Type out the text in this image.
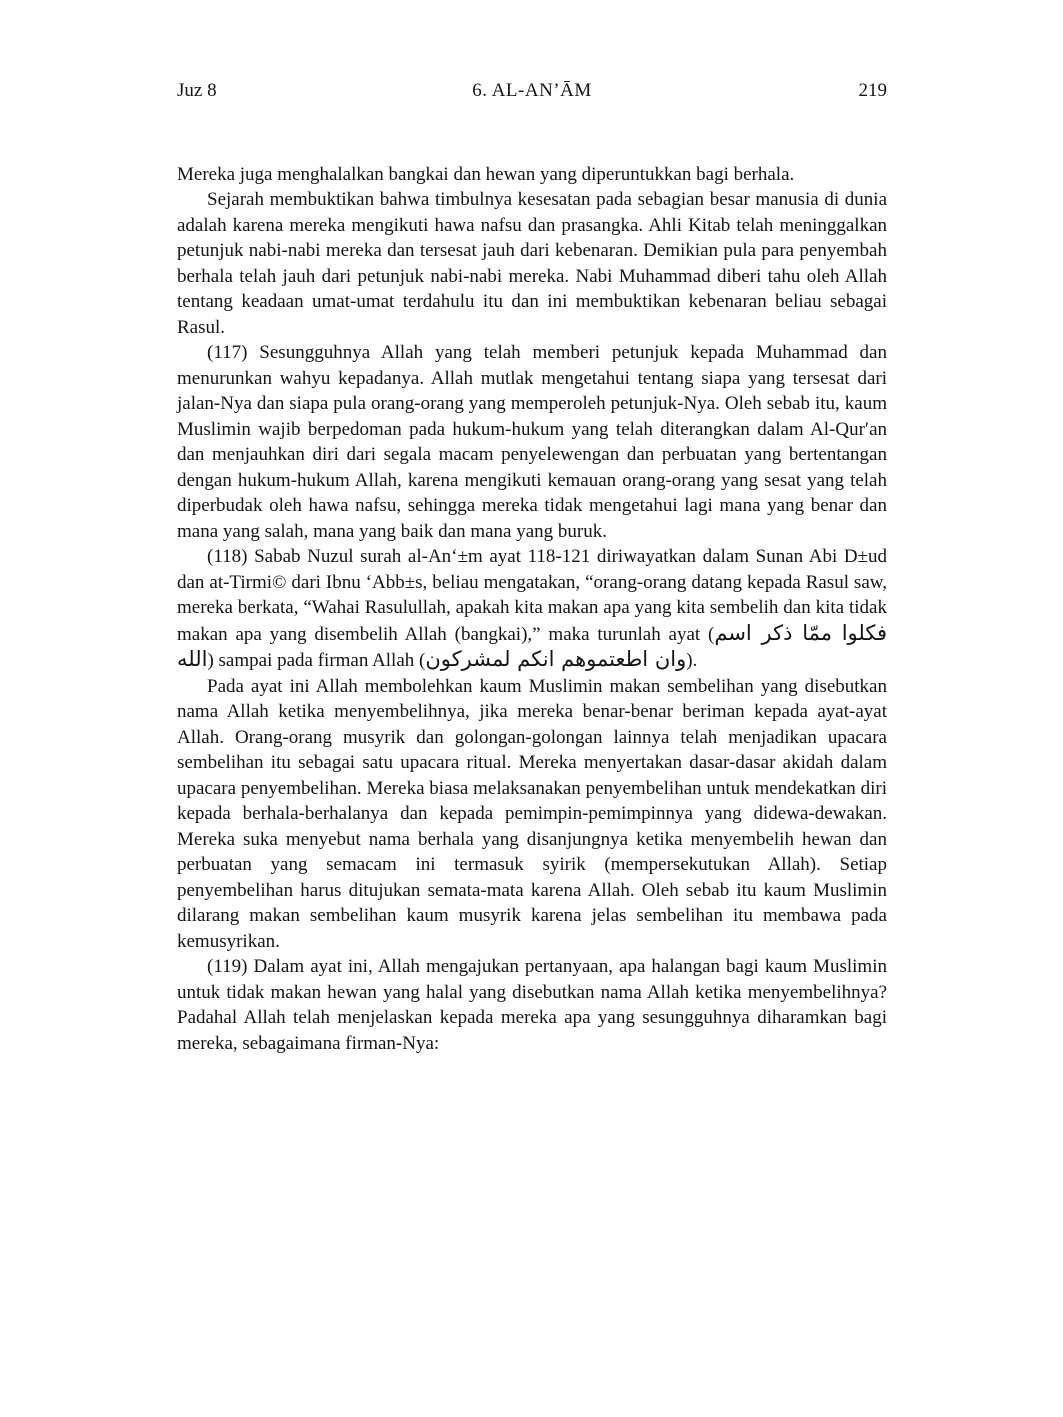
Juz 8	6. AL-AN’ĀM	219

Mereka juga menghalalkan bangkai dan hewan yang diperuntukkan bagi berhala.

Sejarah membuktikan bahwa timbulnya kesesatan pada sebagian besar manusia di dunia adalah karena mereka mengikuti hawa nafsu dan prasangka. Ahli Kitab telah meninggalkan petunjuk nabi-nabi mereka dan tersesat jauh dari kebenaran. Demikian pula para penyembah berhala telah jauh dari petunjuk nabi-nabi mereka. Nabi Muhammad diberi tahu oleh Allah tentang keadaan umat-umat terdahulu itu dan ini membuktikan kebenaran beliau sebagai Rasul.

(117) Sesungguhnya Allah yang telah memberi petunjuk kepada Muhammad dan menurunkan wahyu kepadanya. Allah mutlak mengetahui tentang siapa yang tersesat dari jalan-Nya dan siapa pula orang-orang yang memperoleh petunjuk-Nya. Oleh sebab itu, kaum Muslimin wajib berpedoman pada hukum-hukum yang telah diterangkan dalam Al-Qur′an dan menjauhkan diri dari segala macam penyelewengan dan perbuatan yang bertentangan dengan hukum-hukum Allah, karena mengikuti kemauan orang-orang yang sesat yang telah diperbudak oleh hawa nafsu, sehingga mereka tidak mengetahui lagi mana yang benar dan mana yang salah, mana yang baik dan mana yang buruk.

(118) Sabab Nuzul surah al-An‘±m ayat 118-121 diriwayatkan dalam Sunan Abi D±ud dan at-Tirmi© dari Ibnu ‘Abb±s, beliau mengatakan, “orang-orang datang kepada Rasul saw, mereka berkata, “Wahai Rasulullah, apakah kita makan apa yang kita sembelih dan kita tidak makan apa yang disembelih Allah (bangkai),” maka turunlah ayat (فكلوا ممّا ذكر اسم الله) sampai pada firman Allah (وان اطعتموهم انكم لمشركون).

Pada ayat ini Allah membolehkan kaum Muslimin makan sembelihan yang disebutkan nama Allah ketika menyembelihnya, jika mereka benar-benar beriman kepada ayat-ayat Allah. Orang-orang musyrik dan golongan-golongan lainnya telah menjadikan upacara sembelihan itu sebagai satu upacara ritual. Mereka menyertakan dasar-dasar akidah dalam upacara penyembelihan. Mereka biasa melaksanakan penyembelihan untuk mendekatkan diri kepada berhala-berhalanya dan kepada pemimpin-pemimpinnya yang didewa-dewakan. Mereka suka menyebut nama berhala yang disanjungnya ketika menyembelih hewan dan perbuatan yang semacam ini termasuk syirik (mempersekutukan Allah). Setiap penyembelihan harus ditujukan semata-mata karena Allah. Oleh sebab itu kaum Muslimin dilarang makan sembelihan kaum musyrik karena jelas sembelihan itu membawa pada kemusyrikan.

(119) Dalam ayat ini, Allah mengajukan pertanyaan, apa halangan bagi kaum Muslimin untuk tidak makan hewan yang halal yang disebutkan nama Allah ketika menyembelihnya? Padahal Allah telah menjelaskan kepada mereka apa yang sesungguhnya diharamkan bagi mereka, sebagaimana firman-Nya:
